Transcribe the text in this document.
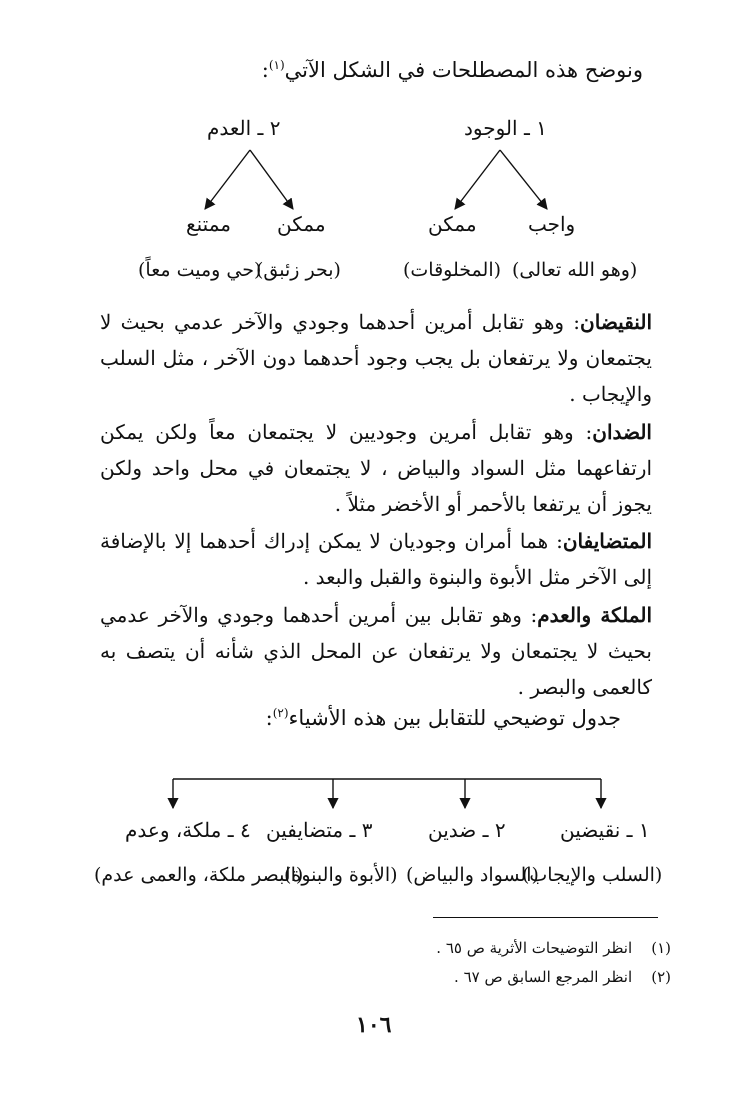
ونوضح هذه المصطلحات في الشكل الآتي$^{(١)}$:
١ ـ الوجود
٢ ـ العدم
واجب
ممكن
ممكن
ممتنع
(وهو الله تعالى)
(المخلوقات)
(بحر زئبق)
(حي وميت معاً)
النقيضان: وهو تقابل أمرين أحدهما وجودي والآخر عدمي بحيث لا يجتمعان ولا يرتفعان بل يجب وجود أحدهما دون الآخر ، مثل السلب والإيجاب .
الضدان: وهو تقابل أمرين وجوديين لا يجتمعان معاً ولكن يمكن ارتفاعهما مثل السواد والبياض ، لا يجتمعان في محل واحد ولكن يجوز أن يرتفعا بالأحمر أو الأخضر مثلاً .
المتضايفان: هما أمران وجوديان لا يمكن إدراك أحدهما إلا بالإضافة إلى الآخر مثل الأبوة والبنوة والقبل والبعد .
الملكة والعدم: وهو تقابل بين أمرين أحدهما وجودي والآخر عدمي بحيث لا يجتمعان ولا يرتفعان عن المحل الذي شأنه أن يتصف به كالعمى والبصر .
جدول توضيحي للتقابل بين هذه الأشياء$^{(٢)}$:
١ ـ نقيضين
٢ ـ ضدين
٣ ـ متضايفين
٤ ـ ملكة، وعدم
(السلب والإيجاب)
(السواد والبياض)
(الأبوة والبنوة)
(البصر ملكة، والعمى عدم)
(١)    انظر التوضيحات الأثرية ص ٦٥ .
(٢)    انظر المرجع السابق ص ٦٧ .
١٠٦
